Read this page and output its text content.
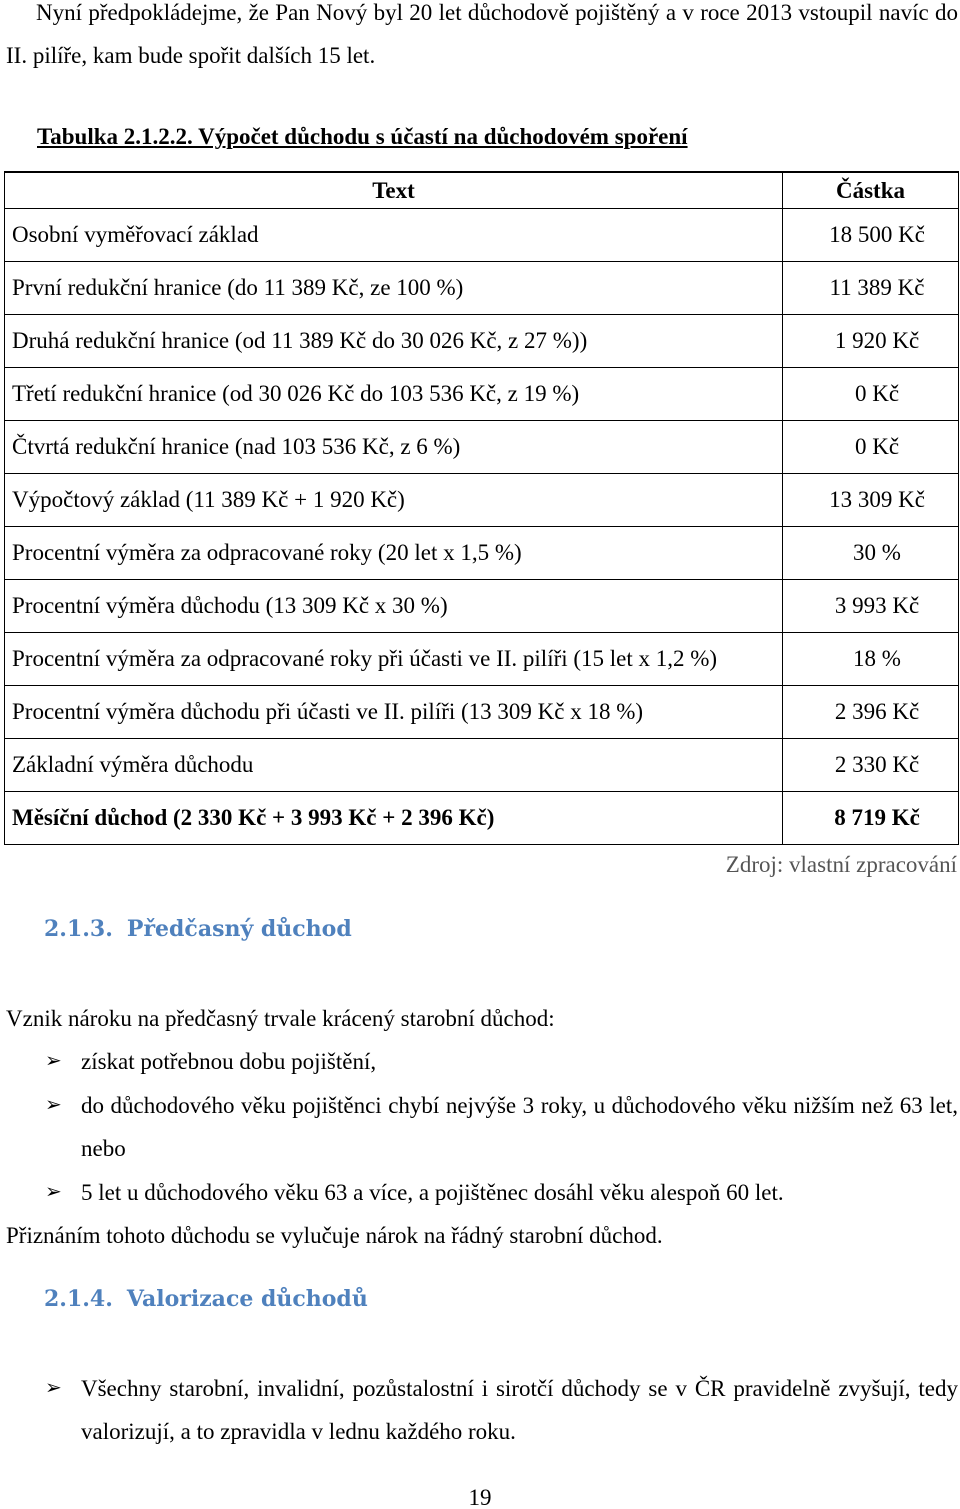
Nyní předpokládejme, že Pan Nový byl 20 let důchodově pojištěný a v roce 2013 vstoupil navíc do II. pilíře, kam bude spořit dalších 15 let.
Tabulka 2.1.2.2. Výpočet důchodu s účastí na důchodovém spoření
Text	Částka
Osobní vyměřovací základ	18 500 Kč
První redukční hranice (do 11 389 Kč, ze 100 %)	11 389 Kč
Druhá redukční hranice (od 11 389 Kč do 30 026 Kč, z 27 %))	1 920 Kč
Třetí redukční hranice (od 30 026 Kč do 103 536 Kč, z 19 %)	0 Kč
Čtvrtá redukční hranice (nad 103 536 Kč, z 6 %)	0 Kč
Výpočtový základ (11 389 Kč + 1 920 Kč)	13 309 Kč
Procentní výměra za odpracované roky (20 let x 1,5 %)	30 %
Procentní výměra důchodu (13 309 Kč x 30 %)	3 993 Kč
Procentní výměra za odpracované roky při účasti ve II. pilíři (15 let x 1,2 %)	18 %
Procentní výměra důchodu při účasti ve II. pilíři (13 309 Kč x 18 %)	2 396 Kč
Základní výměra důchodu	2 330 Kč
Měsíční důchod (2 330 Kč + 3 993 Kč + 2 396 Kč)	8 719 Kč
Zdroj: vlastní zpracování
2.1.3. Předčasný důchod
Vznik nároku na předčasný trvale krácený starobní důchod:
➢ získat potřebnou dobu pojištění,
➢ do důchodového věku pojištěnci chybí nejvýše 3 roky, u důchodového věku nižším než 63 let, nebo
➢ 5 let u důchodového věku 63 a více, a pojištěnec dosáhl věku alespoň 60 let.
Přiznáním tohoto důchodu se vylučuje nárok na řádný starobní důchod.
2.1.4. Valorizace důchodů
➢ Všechny starobní, invalidní, pozůstalostní i sirotčí důchody se v ČR pravidelně zvyšují, tedy valorizují, a to zpravidla v lednu každého roku.
19
